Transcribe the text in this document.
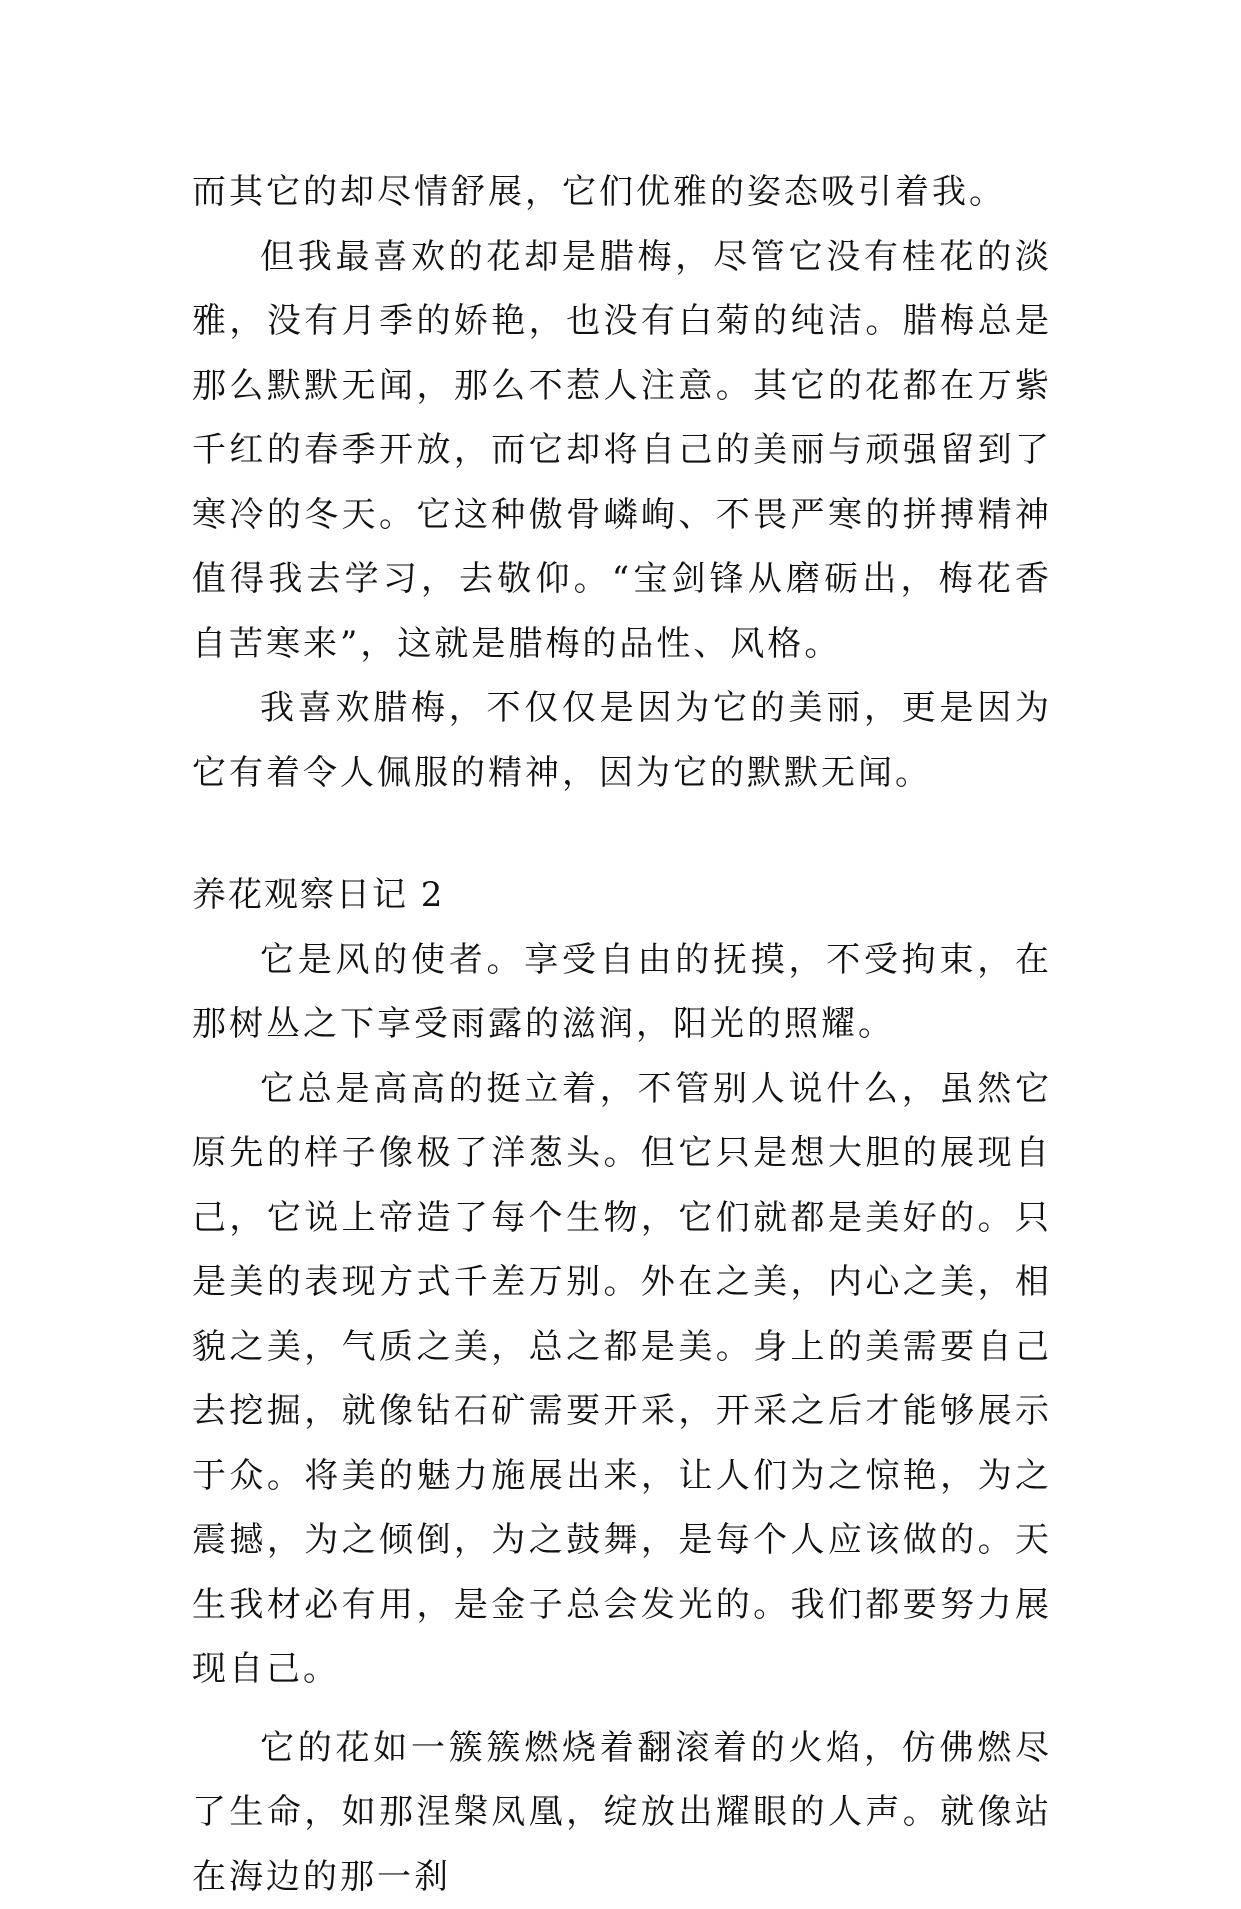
而其它的却尽情舒展，它们优雅的姿态吸引着我。

但我最喜欢的花却是腊梅，尽管它没有桂花的淡雅，没有月季的娇艳，也没有白菊的纯洁。腊梅总是那么默默无闻，那么不惹人注意。其它的花都在万紫千红的春季开放，而它却将自己的美丽与顽强留到了寒冷的冬天。它这种傲骨嶙峋、不畏严寒的拼搏精神值得我去学习，去敬仰。“宝剑锋从磨砺出，梅花香自苦寒来”，这就是腊梅的品性、风格。

我喜欢腊梅，不仅仅是因为它的美丽，更是因为它有着令人佩服的精神，因为它的默默无闻。

养花观察日记 2

它是风的使者。享受自由的抚摸，不受拘束，在那树丛之下享受雨露的滋润，阳光的照耀。

它总是高高的挺立着，不管别人说什么，虽然它原先的样子像极了洋葱头。但它只是想大胆的展现自己，它说上帝造了每个生物，它们就都是美好的。只是美的表现方式千差万别。外在之美，内心之美，相貌之美，气质之美，总之都是美。身上的美需要自己去挖掘，就像钻石矿需要开采，开采之后才能够展示于众。将美的魅力施展出来，让人们为之惊艳，为之震撼，为之倾倒，为之鼓舞，是每个人应该做的。天生我材必有用，是金子总会发光的。我们都要努力展现自己。

它的花如一簇簇燃烧着翻滚着的火焰，仿佛燃尽了生命，如那涅槃凤凰，绽放出耀眼的人声。就像站在海边的那一刹
